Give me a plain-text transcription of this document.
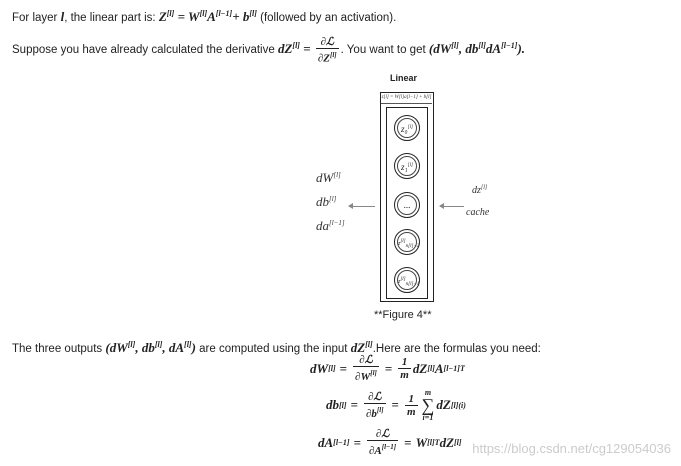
For layer l, the linear part is: Z[l] = W[l]A[l−1]+ b[l] (followed by an activation).
Suppose you have already calculated the derivative $dZ[l] = \frac{\text{∂ℒ}}{\partial Z^{[l]}}$ . You want to get (dW[l], db[l]dA[l−1]).
Linear
z[l] = W[l]a[l−1] + b[l]
z₀[l]
z₁[l]
...
$z[l]_{n[l]-2}$
$z[l]_{n[l]-1}$
dW[l]
db[l]
da[l−1]
dz[l]
cache
**Figure 4**
The three outputs (dW[l], db[l], dA[l]) are computed using the input dZ[l].Here are the formulas you need:
dW $[l] = \frac{\text{∂ℒ}}{\partial W^{[l]}} = \frac{1}{m}$ dZ [l] A [l−1]T
db $[l] = \frac{\text{∂ℒ}}{\partial b^{[l]}} = \frac{1}{m}$ m
∑
i=1
dZ [l](i)
dA $[l-1] = \frac{\text{∂ℒ}}{\partial A^{[l-1]}} = W$ [l]T dZ [l] https://blog.csdn.net/cg129054036
